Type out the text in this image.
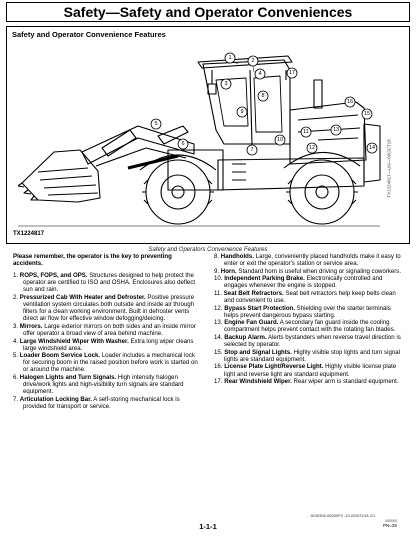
Safety—Safety and Operator Conveniences
Safety and Operator Convenience Features
1	2
3
4
5
6
7
8
9
10
11
12
13
14
15
16
17
TX1224817
TX1224817—UN—09OCT18
Safety and Operators Convenience Features

Please remember, the operator is the key to preventing accidents.

1. ROPS, FOPS, and OPS. Structures designed to help protect the operator are certified to ISO and OSHA. Enclosures also deflect sun and rain.
2. Pressurized Cab With Heater and Defroster. Positive pressure ventilation system circulates both outside and inside air through filters for a clean working environment. Built in defroster vents direct air flow for effective window defogging/deicing.
3. Mirrors. Large exterior mirrors on both sides and an inside mirror offer operator a broad view of area behind machine.
4. Large Windshield Wiper With Washer. Extra long wiper cleans large windshield area.
5. Loader Boom Service Lock. Loader includes a mechanical lock for securing boom in the raised position before work is started on or around the machine.
6. Halogen Lights and Turn Signals. High intensity halogen drive/work lights and high-visibility turn signals are standard equipment.
7. Articulation Locking Bar. A self-storing mechanical lock is provided for transport or service.
8. Handholds. Large, conveniently placed handholds make it easy to enter or exit the operator's station or service area.
9. Horn. Standard horn is useful when driving or signaling coworkers.
10. Independent Parking Brake. Electronically controlled and engages whenever the engine is stopped.
11. Seat Belt Retractors. Seat belt retractors help keep belts clean and convenient to use.
12. Bypass Start Protection. Shielding over the starter terminals helps prevent dangerous bypass starting.
13. Engine Fan Guard. A secondary fan guard inside the cooling compartment helps prevent contact with the rotating fan blades.
14. Backup Alarm. Alerts bystanders when reverse travel direction is selected by operator.
15. Stop and Signal Lights. Highly visible stop lights and turn signal lights are standard equipment.
16. License Plate Light/Reverse Light. Highly visible license plate light and reverse light are standard equipment.
17. Rear Windshield Wiper. Rear wiper arm is standard equipment.
JK05396,00050F9 -19-02NOV18-1/1
1-1-1
000000
PN=29
